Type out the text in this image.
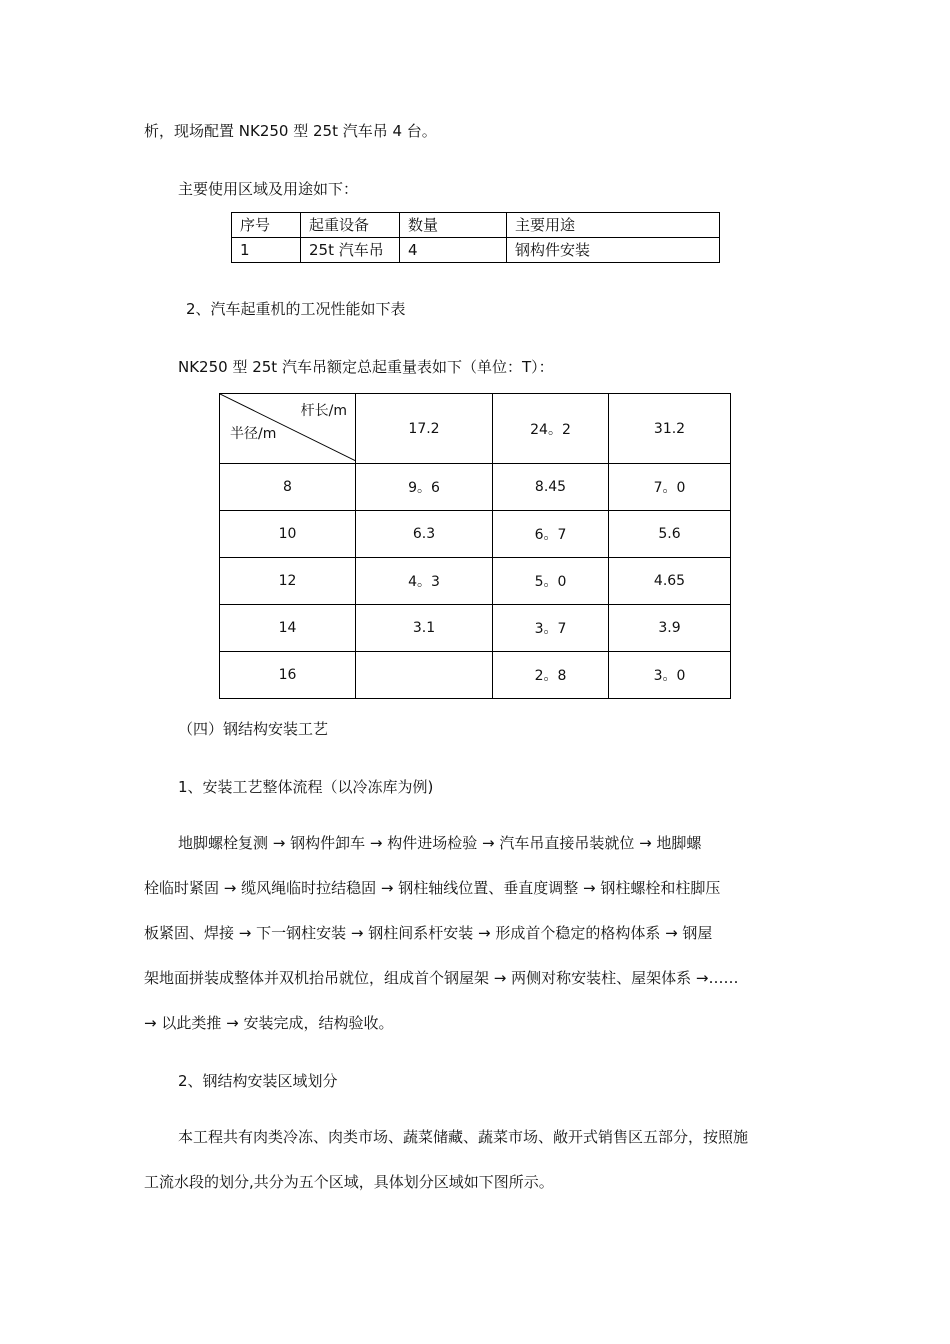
析，现场配置 NK250 型 25t 汽车吊 4 台。
主要使用区域及用途如下：
序号	起重设备	数量	主要用途
1	25t 汽车吊	4	钢构件安装
2、汽车起重机的工况性能如下表
NK250 型 25t 汽车吊额定总起重量表如下（单位：T）：
杆长/m
半径/m	17.2	24。2	31.2
8	9。6	8.45	7。0
10	6.3	6。7	5.6
12	4。3	5。0	4.65
14	3.1	3。7	3.9
16		2。8	3。0
（四）钢结构安装工艺
1、安装工艺整体流程（以冷冻库为例)
地脚螺栓复测 → 钢构件卸车 → 构件进场检验 → 汽车吊直接吊装就位 → 地脚螺
栓临时紧固 → 缆风绳临时拉结稳固 → 钢柱轴线位置、垂直度调整 → 钢柱螺栓和柱脚压
板紧固、焊接 → 下一钢柱安装 → 钢柱间系杆安装 → 形成首个稳定的格构体系 → 钢屋
架地面拼装成整体并双机抬吊就位，组成首个钢屋架 → 两侧对称安装柱、屋架体系 →……
→ 以此类推 → 安装完成，结构验收。
2、钢结构安装区域划分
本工程共有肉类冷冻、肉类市场、蔬菜储藏、蔬菜市场、敞开式销售区五部分，按照施
工流水段的划分,共分为五个区域，具体划分区域如下图所示。
